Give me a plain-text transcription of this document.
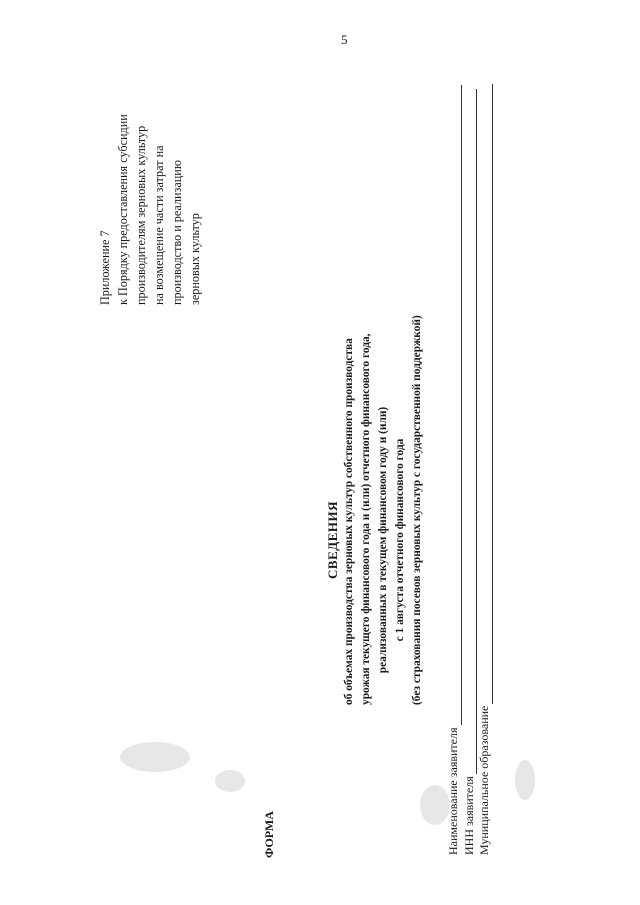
5
Приложение 7 к Порядку предоставления субсидии производителям зерновых культур на возмещение части затрат на производство и реализацию зерновых культур
СВЕДЕНИЯ об объемах производства зерновых культур собственного производства урожая текущего финансового года и (или) отчетного финансового года, реализованных в текущем финансовом году и (или) с 1 августа отчетного финансового года (без страхования посевов зерновых культур с государственной поддержкой)
ФОРМА	Наименование заявителя ИНН заявителя Муниципальное образование
